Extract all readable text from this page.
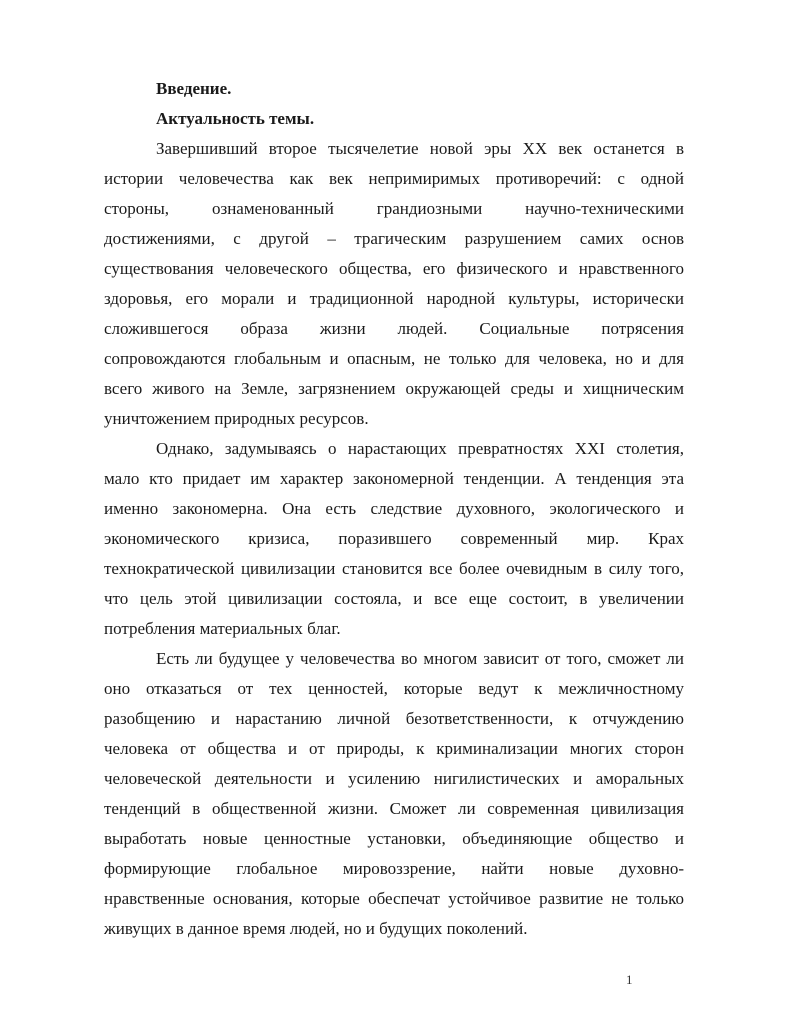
Введение.
Актуальность темы.

Завершивший второе тысячелетие новой эры XX век останется в
истории человечества как век непримиримых противоречий: с одной
стороны, ознаменованный грандиозными научно-техническими
достижениями, с другой – трагическим разрушением самих основ
существования человеческого общества, его физического и нравственного
здоровья, его морали и традиционной народной культуры, исторически
сложившегося образа жизни людей. Социальные потрясения
сопровождаются глобальным и опасным, не только для человека, но и для
всего живого на Земле, загрязнением окружающей среды и хищническим
уничтожением природных ресурсов.

Однако, задумываясь о нарастающих превратностях XXI столетия,
мало кто придает им характер закономерной тенденции. А тенденция эта
именно закономерна. Она есть следствие духовного, экологического и
экономического кризиса, поразившего современный мир. Крах
технократической цивилизации становится все более очевидным в силу того,
что цель этой цивилизации состояла, и все еще состоит, в увеличении
потребления материальных благ.

Есть ли будущее у человечества во многом зависит от того, сможет ли
оно отказаться от тех ценностей, которые ведут к межличностному
разобщению и нарастанию личной безответственности, к отчуждению
человека от общества и от природы, к криминализации многих сторон
человеческой деятельности и усилению нигилистических и аморальных
тенденций в общественной жизни. Сможет ли современная цивилизация
выработать новые ценностные установки, объединяющие общество и
формирующие глобальное мировоззрение, найти новые духовно-
нравственные основания, которые обеспечат устойчивое развитие не только
живущих в данное время людей, но и будущих поколений.

1
